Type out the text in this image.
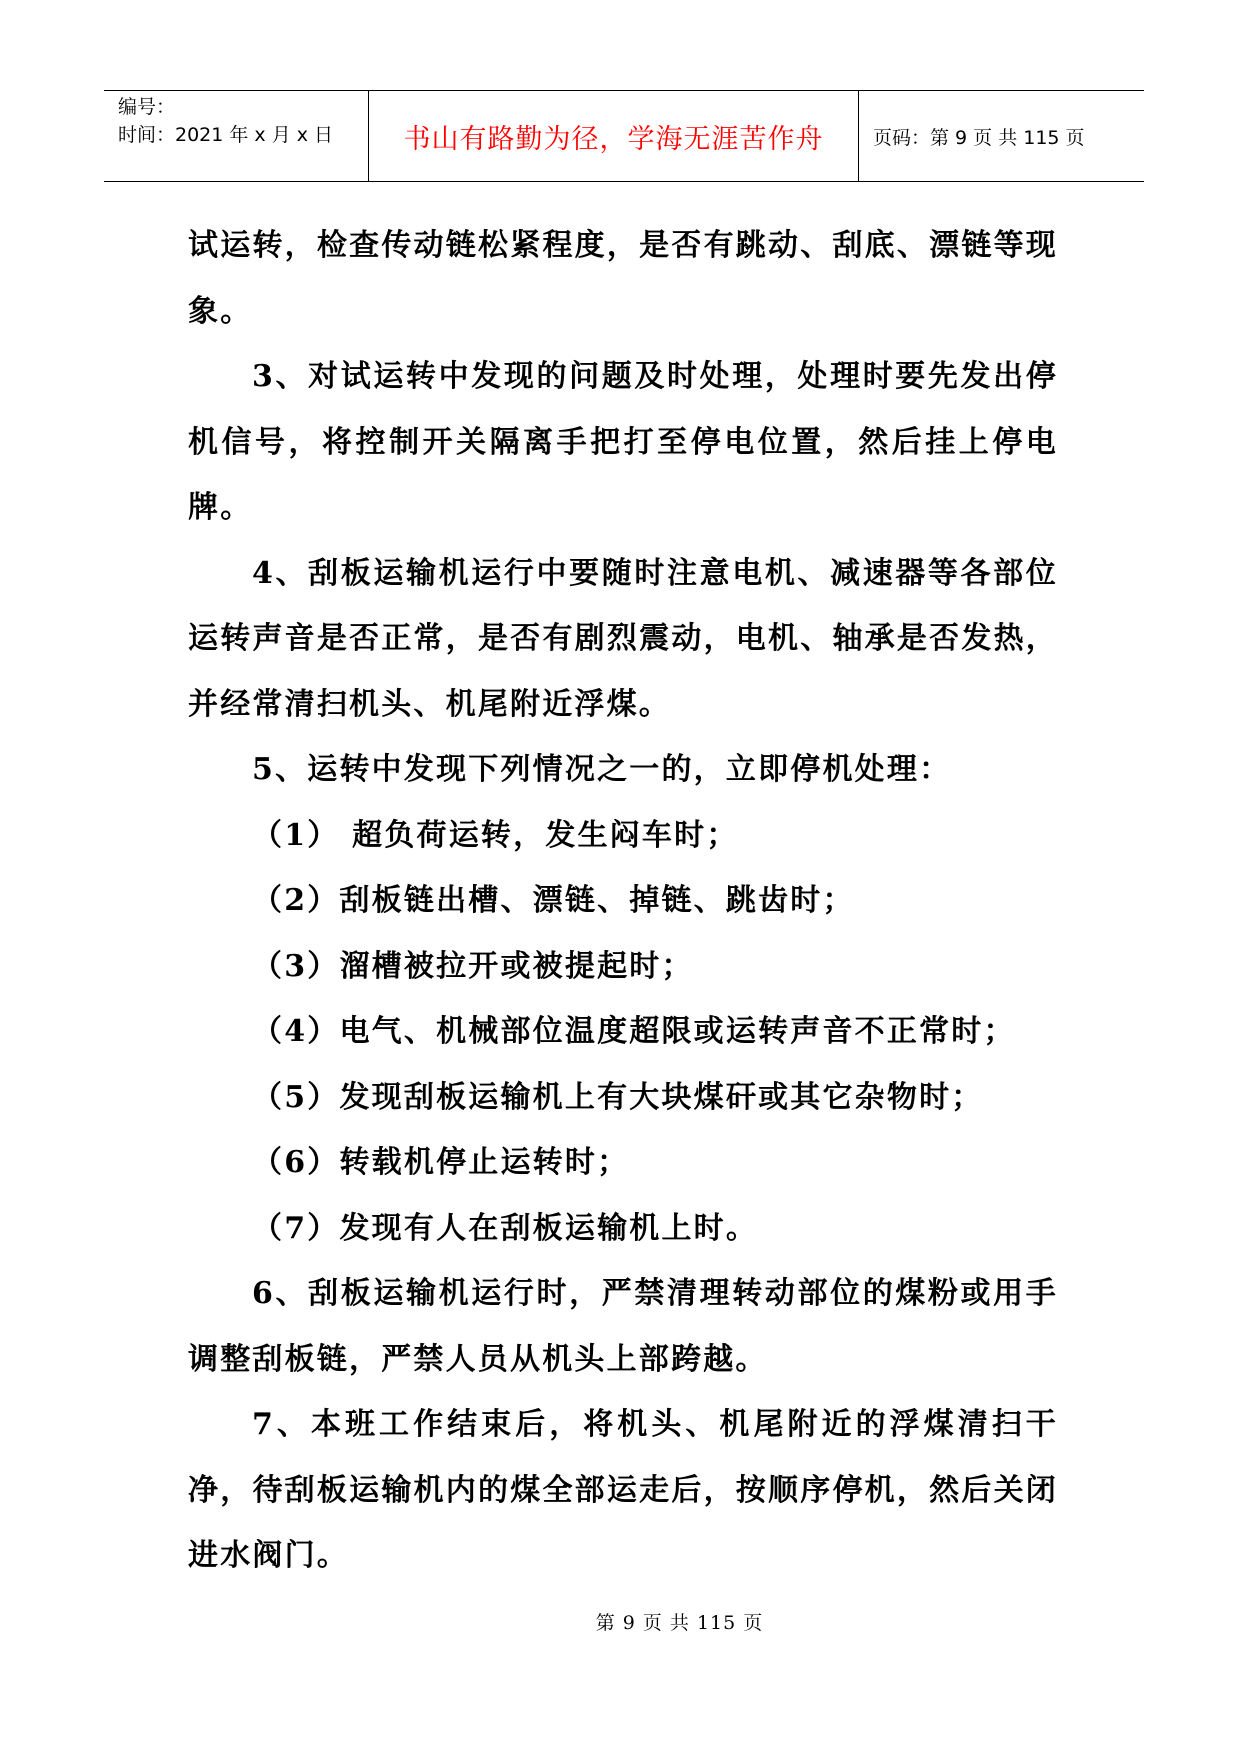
编号：
时间：2021 年 x 月 x 日	书山有路勤为径，学海无涯苦作舟	页码：第 9 页 共 115 页

试运转，检查传动链松紧程度，是否有跳动、刮底、漂链等现象。

3、对试运转中发现的问题及时处理，处理时要先发出停机信号，将控制开关隔离手把打至停电位置，然后挂上停电牌。

4、刮板运输机运行中要随时注意电机、减速器等各部位运转声音是否正常，是否有剧烈震动，电机、轴承是否发热，并经常清扫机头、机尾附近浮煤。

5、运转中发现下列情况之一的，立即停机处理：

（1） 超负荷运转，发生闷车时；

（2）刮板链出槽、漂链、掉链、跳齿时；

（3）溜槽被拉开或被提起时；

（4）电气、机械部位温度超限或运转声音不正常时；

（5）发现刮板运输机上有大块煤矸或其它杂物时；

（6）转载机停止运转时；

（7）发现有人在刮板运输机上时。

6、刮板运输机运行时，严禁清理转动部位的煤粉或用手调整刮板链，严禁人员从机头上部跨越。

7、本班工作结束后，将机头、机尾附近的浮煤清扫干净，待刮板运输机内的煤全部运走后，按顺序停机，然后关闭进水阀门。

第 9 页 共 115 页
